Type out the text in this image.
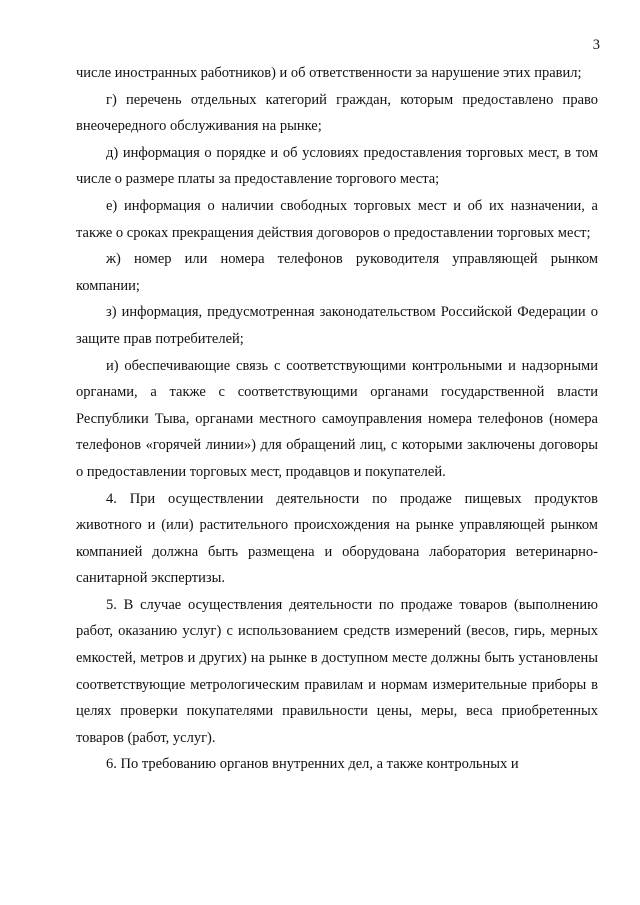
3

числе иностранных работников) и об ответственности за нарушение этих правил;

г) перечень отдельных категорий граждан, которым предоставлено право внеочередного обслуживания на рынке;

д) информация о порядке и об условиях предоставления торговых мест, в том числе о размере платы за предоставление торгового места;

е) информация о наличии свободных торговых мест и об их назначении, а также о сроках прекращения действия договоров о предоставлении торговых мест;

ж) номер или номера телефонов руководителя управляющей рынком компании;

з) информация, предусмотренная законодательством Российской Федерации о защите прав потребителей;

и) обеспечивающие связь с соответствующими контрольными и надзорными органами, а также с соответствующими органами государственной власти Республики Тыва, органами местного самоуправления номера телефонов (номера телефонов «горячей линии») для обращений лиц, с которыми заключены договоры о предоставлении торговых мест, продавцов и покупателей.

4. При осуществлении деятельности по продаже пищевых продуктов животного и (или) растительного происхождения на рынке управляющей рынком компанией должна быть размещена и оборудована лаборатория ветеринарно-санитарной экспертизы.

5. В случае осуществления деятельности по продаже товаров (выполнению работ, оказанию услуг) с использованием средств измерений (весов, гирь, мерных емкостей, метров и других) на рынке в доступном месте должны быть установлены соответствующие метрологическим правилам и нормам измерительные приборы в целях проверки покупателями правильности цены, меры, веса приобретенных товаров (работ, услуг).

6. По требованию органов внутренних дел, а также контрольных и
